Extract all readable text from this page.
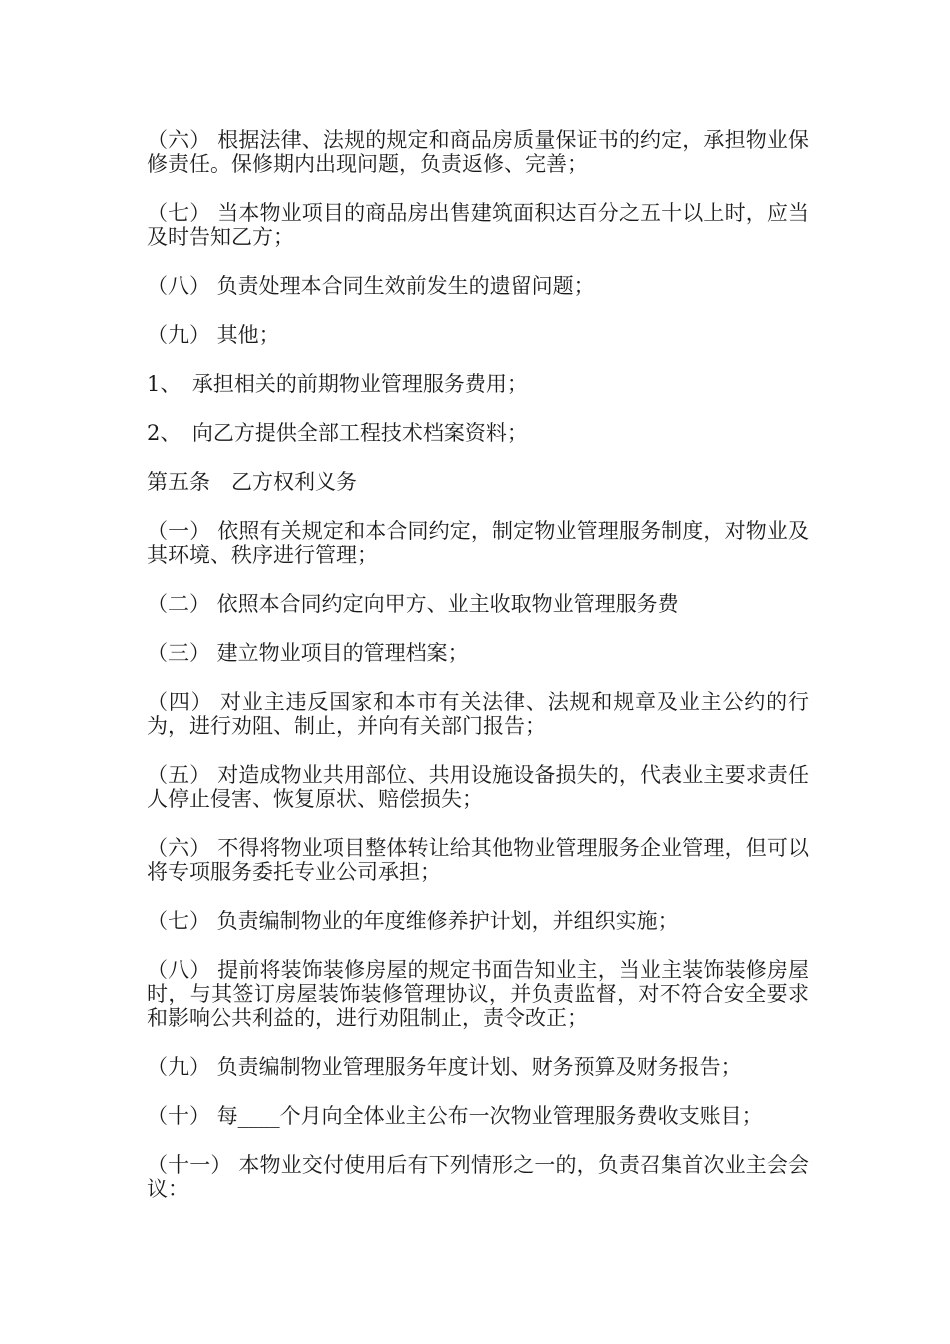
（六） 根据法律、法规的规定和商品房质量保证书的约定，承担物业保修责任。保修期内出现问题，负责返修、完善；

（七） 当本物业项目的商品房出售建筑面积达百分之五十以上时，应当及时告知乙方；

（八） 负责处理本合同生效前发生的遗留问题；

（九） 其他；

1、　承担相关的前期物业管理服务费用；

2、　向乙方提供全部工程技术档案资料；

第五条　乙方权利义务

（一） 依照有关规定和本合同约定，制定物业管理服务制度，对物业及其环境、秩序进行管理；

（二） 依照本合同约定向甲方、业主收取物业管理服务费

（三） 建立物业项目的管理档案；

（四） 对业主违反国家和本市有关法律、法规和规章及业主公约的行为，进行劝阻、制止，并向有关部门报告；

（五） 对造成物业共用部位、共用设施设备损失的，代表业主要求责任人停止侵害、恢复原状、赔偿损失；

（六） 不得将物业项目整体转让给其他物业管理服务企业管理，但可以将专项服务委托专业公司承担；

（七） 负责编制物业的年度维修养护计划，并组织实施；

（八） 提前将装饰装修房屋的规定书面告知业主，当业主装饰装修房屋时，与其签订房屋装饰装修管理协议，并负责监督，对不符合安全要求和影响公共利益的，进行劝阻制止，责令改正；

（九） 负责编制物业管理服务年度计划、财务预算及财务报告；

（十） 每____个月向全体业主公布一次物业管理服务费收支账目；

（十一） 本物业交付使用后有下列情形之一的，负责召集首次业主会会议：
